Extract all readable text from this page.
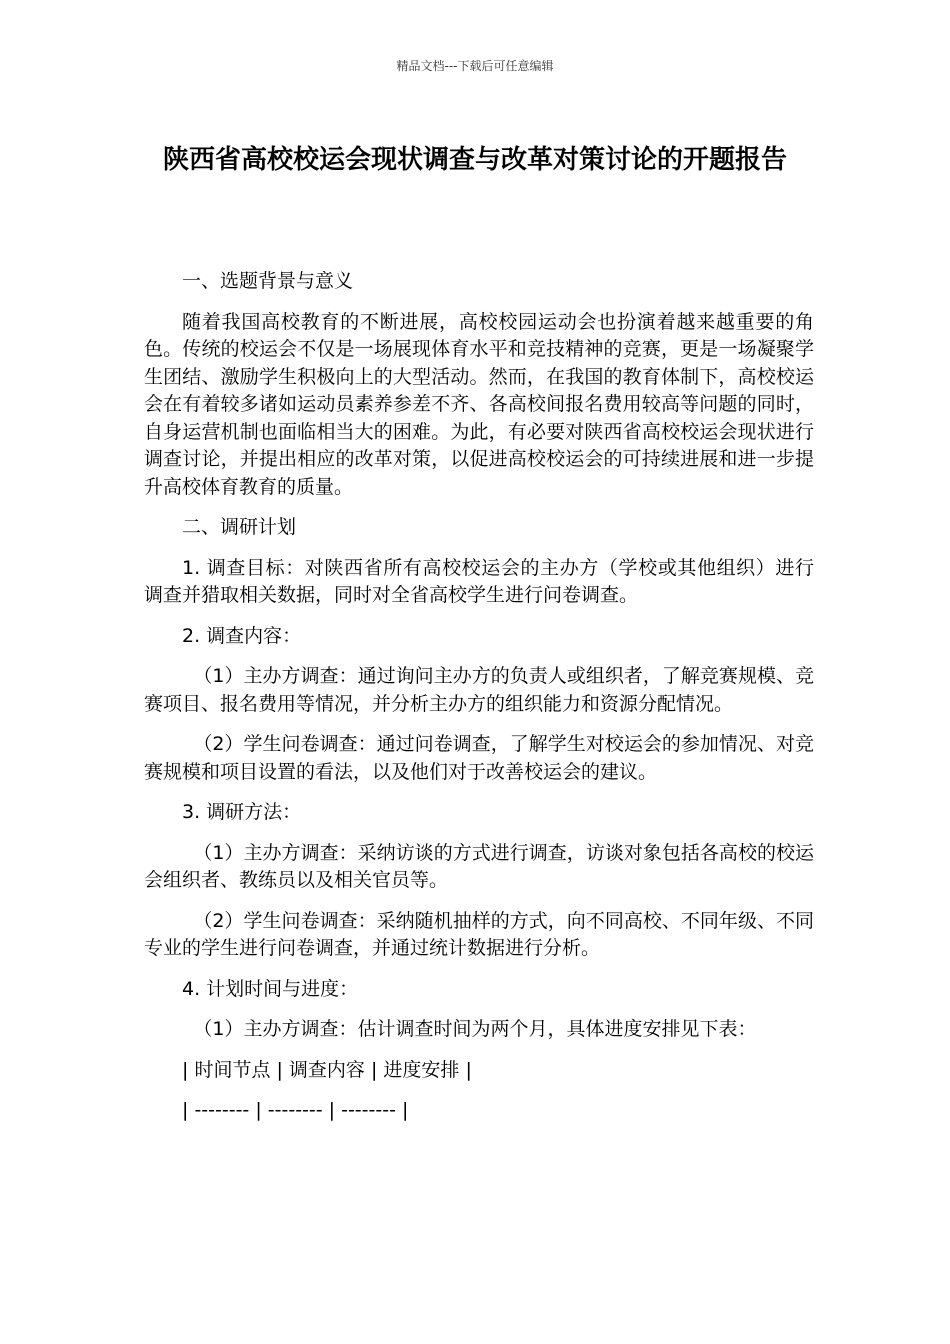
精品文档---下载后可任意编辑
陕西省高校校运会现状调查与改革对策讨论的开题报告

一、选题背景与意义

随着我国高校教育的不断进展，高校校园运动会也扮演着越来越重要的角色。传统的校运会不仅是一场展现体育水平和竞技精神的竞赛，更是一场凝聚学生团结、激励学生积极向上的大型活动。然而，在我国的教育体制下，高校校运会在有着较多诸如运动员素养参差不齐、各高校间报名费用较高等问题的同时，自身运营机制也面临相当大的困难。为此，有必要对陕西省高校校运会现状进行调查讨论，并提出相应的改革对策，以促进高校校运会的可持续进展和进一步提升高校体育教育的质量。

二、调研计划

1. 调查目标：对陕西省所有高校校运会的主办方（学校或其他组织）进行调查并猎取相关数据，同时对全省高校学生进行问卷调查。

2. 调查内容：

（1）主办方调查：通过询问主办方的负责人或组织者，了解竞赛规模、竞赛项目、报名费用等情况，并分析主办方的组织能力和资源分配情况。

（2）学生问卷调查：通过问卷调查，了解学生对校运会的参加情况、对竞赛规模和项目设置的看法，以及他们对于改善校运会的建议。

3. 调研方法：

（1）主办方调查：采纳访谈的方式进行调查，访谈对象包括各高校的校运会组织者、教练员以及相关官员等。

（2）学生问卷调查：采纳随机抽样的方式，向不同高校、不同年级、不同专业的学生进行问卷调查，并通过统计数据进行分析。

4. 计划时间与进度：

（1）主办方调查：估计调查时间为两个月，具体进度安排见下表：

| 时间节点 | 调查内容 | 进度安排 |

| -------- | -------- | -------- |
